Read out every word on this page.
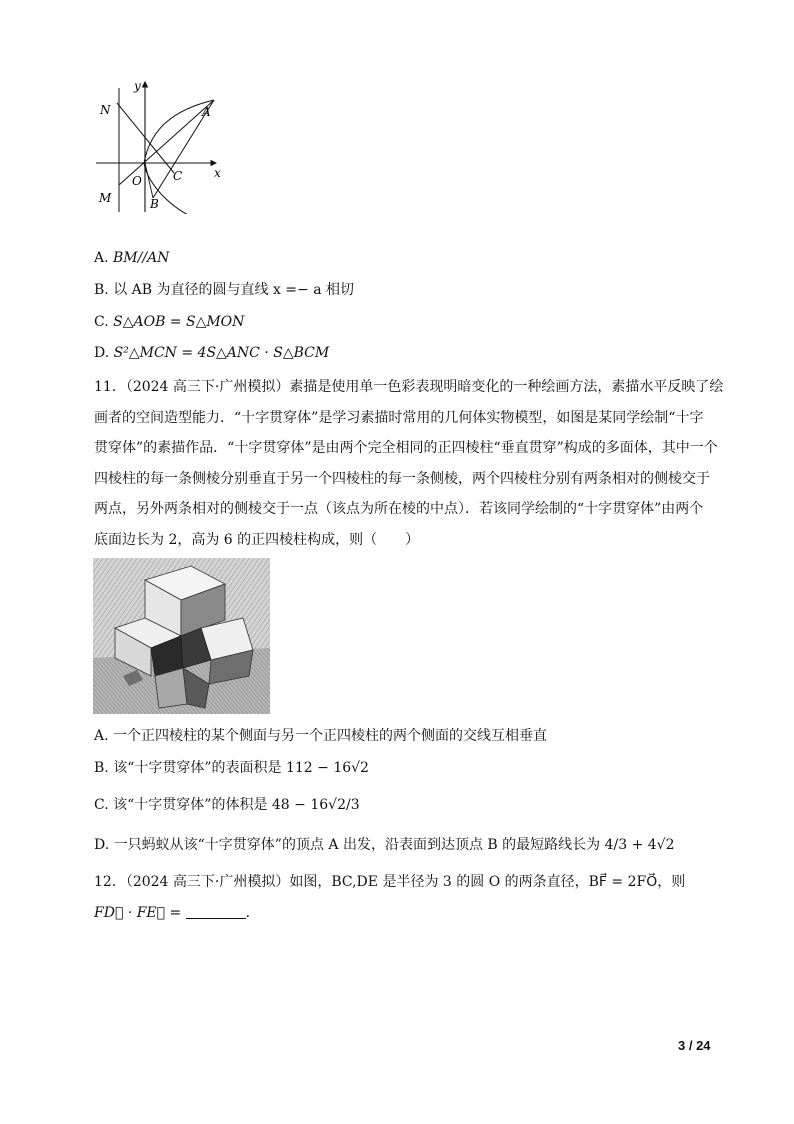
y
x
N	A
O	C
M	B
A. BM//AN
B. 以 AB 为直径的圆与直线 x =− a 相切
C. S△AOB = S△MON
D. S²△MCN = 4S△ANC · S△BCM
11．（2024 高三下·广州模拟）素描是使用单一色彩表现明暗变化的一种绘画方法，素描水平反映了绘
画者的空间造型能力．“十字贯穿体”是学习素描时常用的几何体实物模型，如图是某同学绘制“十字
贯穿体”的素描作品．“十字贯穿体”是由两个完全相同的正四棱柱“垂直贯穿”构成的多面体，其中一个
四棱柱的每一条侧棱分别垂直于另一个四棱柱的每一条侧棱，两个四棱柱分别有两条相对的侧棱交于
两点，另外两条相对的侧棱交于一点（该点为所在棱的中点）．若该同学绘制的“十字贯穿体”由两个
底面边长为 2，高为 6 的正四棱柱构成，则（　　）
A. 一个正四棱柱的某个侧面与另一个正四棱柱的两个侧面的交线互相垂直
B. 该“十字贯穿体”的表面积是 112 − 16√2
C. 该“十字贯穿体”的体积是 48 − 16√2/3
D. 一只蚂蚁从该“十字贯穿体”的顶点 A 出发，沿表面到达顶点 B 的最短路线长为 4/3 + 4√2
12．（2024 高三下·广州模拟）如图，BC,DE 是半径为 3 的圆 O 的两条直径，BF⃗ = 2FO⃗，则
FD⃗ · FE⃗ =	.
3 / 24
